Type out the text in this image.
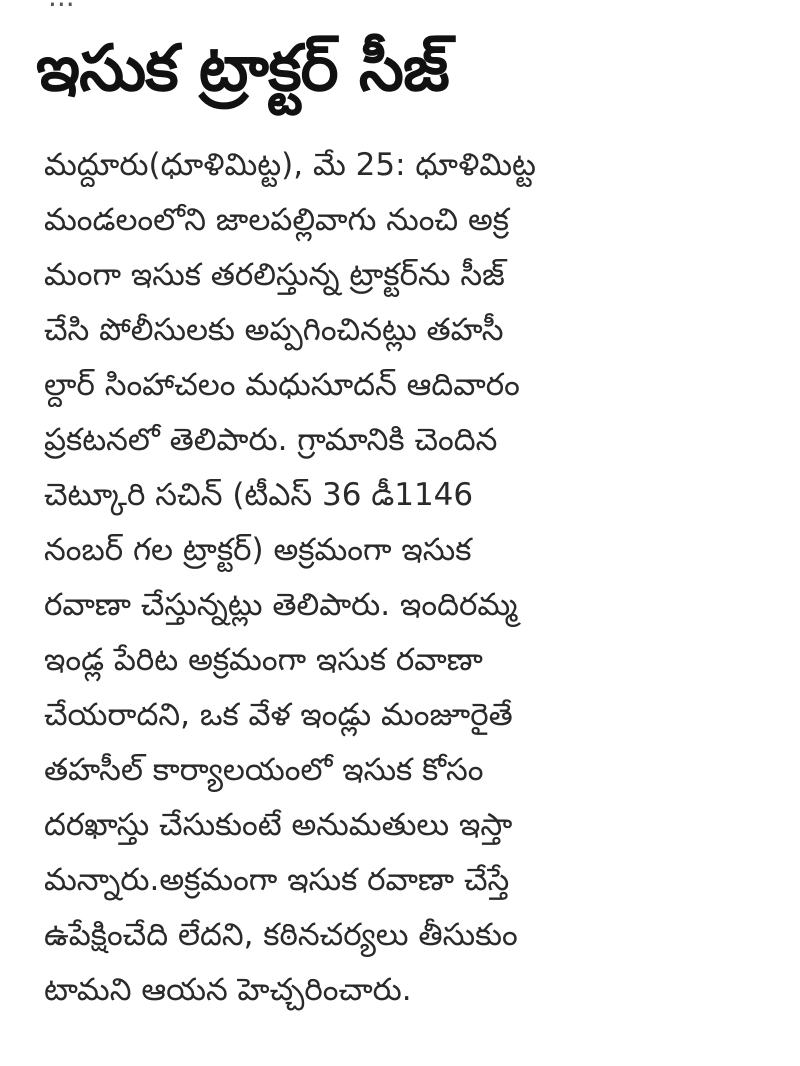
ఇసుక ట్రాక్టర్ సీజ్
మద్దూరు(ధూళిమిట్ట), మే 25: ధూళిమిట్ట
మండలంలోని జాలపల్లివాగు నుంచి అక్ర
మంగా ఇసుక తరలిస్తున్న ట్రాక్టర్‌ను సీజ్
చేసి పోలీసులకు అప్పగించినట్లు తహసీ
ల్దార్ సింహాచలం మధుసూదన్ ఆదివారం
ప్రకటనలో తెలిపారు. గ్రామానికి చెందిన
చెట్కూరి సచిన్ (టీఎస్ 36 డీ1146
నంబర్ గల ట్రాక్టర్) అక్రమంగా ఇసుక
రవాణా చేస్తున్నట్లు తెలిపారు. ఇందిరమ్మ
ఇండ్ల పేరిట అక్రమంగా ఇసుక రవాణా
చేయరాదని, ఒక వేళ ఇండ్లు మంజూరైతే
తహసీల్ కార్యాలయంలో ఇసుక కోసం
దరఖాస్తు చేసుకుంటే అనుమతులు ఇస్తా
మన్నారు.అక్రమంగా ఇసుక రవాణా చేస్తే
ఉపేక్షించేది లేదని, కఠినచర్యలు తీసుకుం
టామని ఆయన హెచ్చరించారు.
